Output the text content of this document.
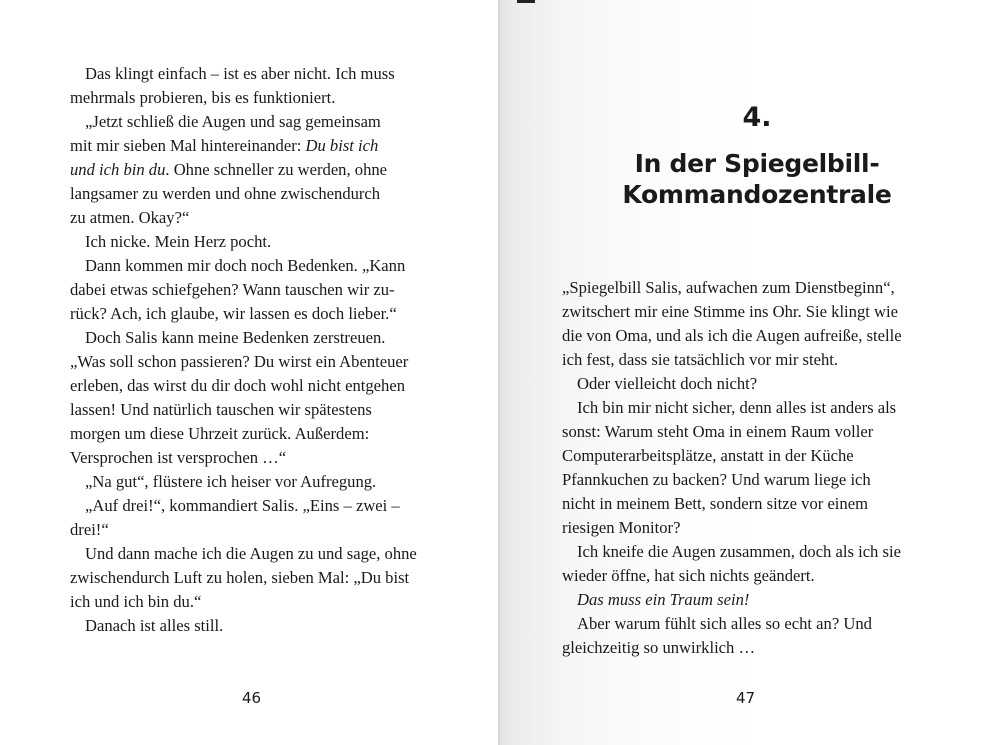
Das klingt einfach – ist es aber nicht. Ich muss
mehrmals probieren, bis es funktioniert.
„Jetzt schließ die Augen und sag gemeinsam
mit mir sieben Mal hintereinander: Du bist ich
und ich bin du. Ohne schneller zu werden, ohne
langsamer zu werden und ohne zwischendurch
zu atmen. Okay?“
Ich nicke. Mein Herz pocht.
Dann kommen mir doch noch Bedenken. „Kann
dabei etwas schiefgehen? Wann tauschen wir zu-
rück? Ach, ich glaube, wir lassen es doch lieber.“
Doch Salis kann meine Bedenken zerstreuen.
„Was soll schon passieren? Du wirst ein Abenteuer
erleben, das wirst du dir doch wohl nicht entgehen
lassen! Und natürlich tauschen wir spätestens
morgen um diese Uhrzeit zurück. Außerdem:
Versprochen ist versprochen …“
„Na gut“, flüstere ich heiser vor Aufregung.
„Auf drei!“, kommandiert Salis. „Eins – zwei –
drei!“
Und dann mache ich die Augen zu und sage, ohne
zwischendurch Luft zu holen, sieben Mal: „Du bist
ich und ich bin du.“
Danach ist alles still.
46
4.
In der Spiegelbill-
Kommandozentrale
„Spiegelbill Salis, aufwachen zum Dienstbeginn“,
zwitschert mir eine Stimme ins Ohr. Sie klingt wie
die von Oma, und als ich die Augen aufreiße, stelle
ich fest, dass sie tatsächlich vor mir steht.
Oder vielleicht doch nicht?
Ich bin mir nicht sicher, denn alles ist anders als
sonst: Warum steht Oma in einem Raum voller
Computerarbeitsplätze, anstatt in der Küche
Pfannkuchen zu backen? Und warum liege ich
nicht in meinem Bett, sondern sitze vor einem
riesigen Monitor?
Ich kneife die Augen zusammen, doch als ich sie
wieder öffne, hat sich nichts geändert.
Das muss ein Traum sein!
Aber warum fühlt sich alles so echt an? Und
gleichzeitig so unwirklich …
47
